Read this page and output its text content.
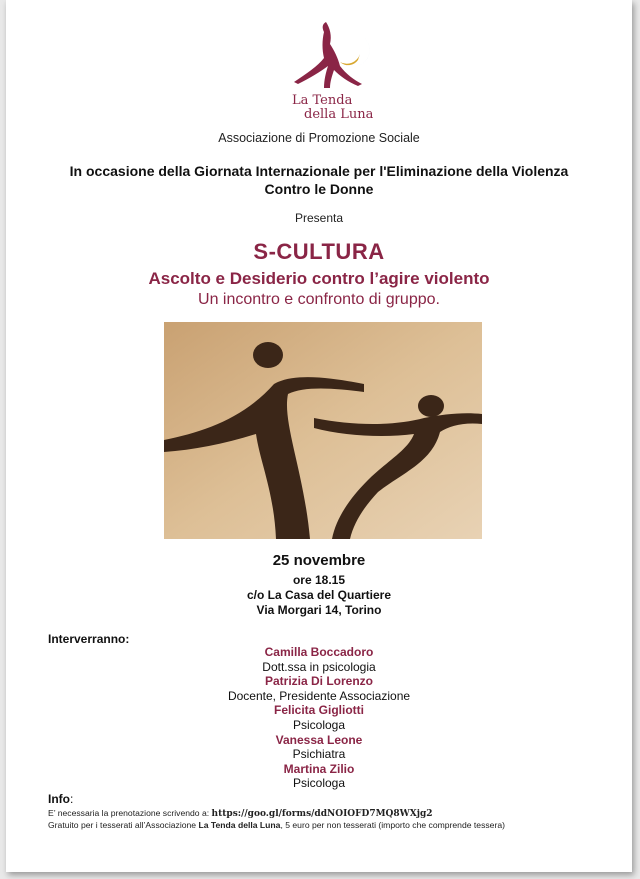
La Tenda
della Luna
Associazione di Promozione Sociale
In occasione della Giornata Internazionale per l'Eliminazione della Violenza Contro le Donne
Presenta
S-CULTURA
Ascolto e Desiderio contro l’agire violento
Un incontro e confronto di gruppo.
25 novembre
ore 18.15
c/o La Casa del Quartiere
Via Morgari 14, Torino
Interverranno:
Camilla Boccadoro
Dott.ssa in psicologia
Patrizia Di Lorenzo
Docente, Presidente Associazione
Felicita Gigliotti
Psicologa
Vanessa Leone
Psichiatra
Martina Zilio
Psicologa
Info:
E’ necessaria la prenotazione scrivendo a: https://goo.gl/forms/ddNOIOFD7MQ8WXjg2
Gratuito per i tesserati all’Associazione La Tenda della Luna, 5 euro per non tesserati (importo che comprende tessera)
